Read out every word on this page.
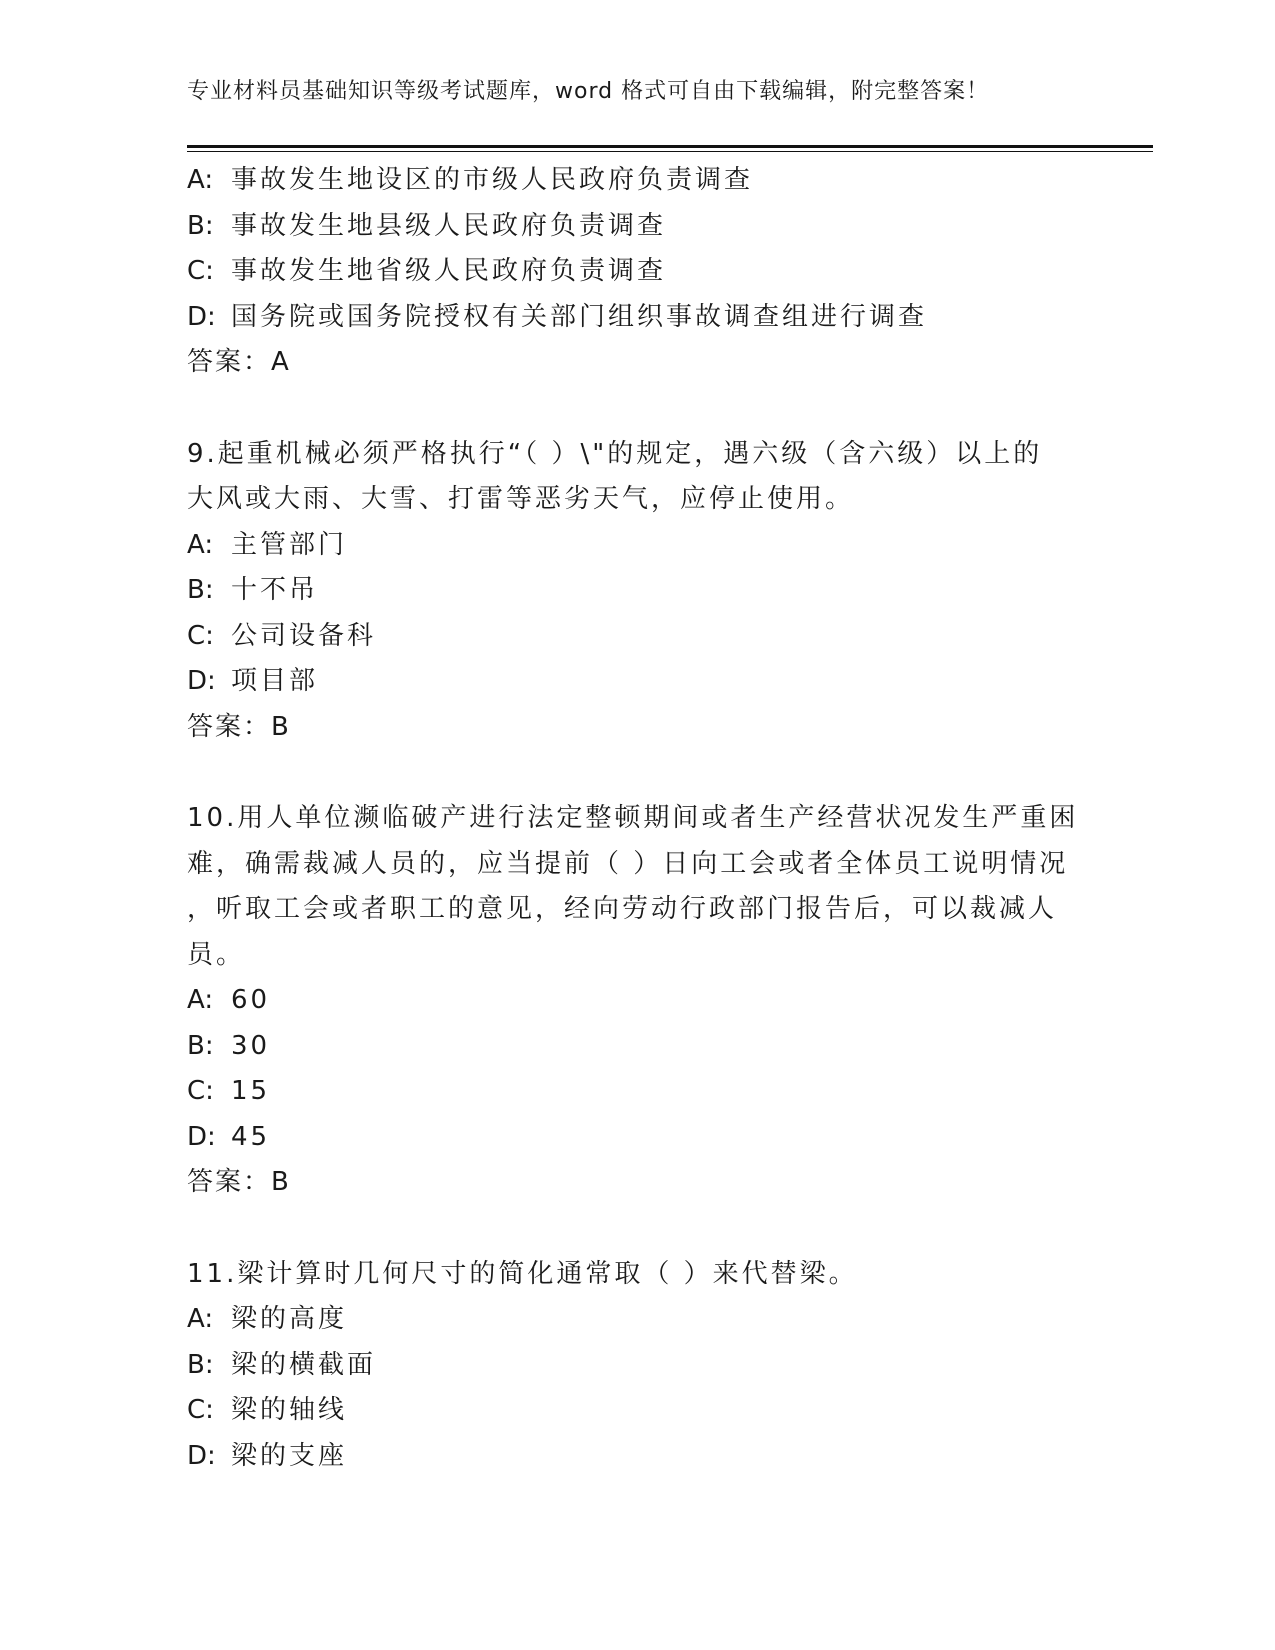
专业材料员基础知识等级考试题库，word 格式可自由下载编辑，附完整答案！
A: 事故发生地设区的市级人民政府负责调查
B: 事故发生地县级人民政府负责调查
C: 事故发生地省级人民政府负责调查
D: 国务院或国务院授权有关部门组织事故调查组进行调查
答案：A
9.起重机械必须严格执行“（ ）\"的规定，遇六级（含六级）以上的
大风或大雨、大雪、打雷等恶劣天气，应停止使用。
A: 主管部门
B: 十不吊
C: 公司设备科
D: 项目部
答案：B
10.用人单位濒临破产进行法定整顿期间或者生产经营状况发生严重困
难，确需裁减人员的，应当提前（ ）日向工会或者全体员工说明情况
，听取工会或者职工的意见，经向劳动行政部门报告后，可以裁减人
员。
A: 60
B: 30
C: 15
D: 45
答案：B
11.梁计算时几何尺寸的简化通常取（ ）来代替梁。
A: 梁的高度
B: 梁的横截面
C: 梁的轴线
D: 梁的支座
